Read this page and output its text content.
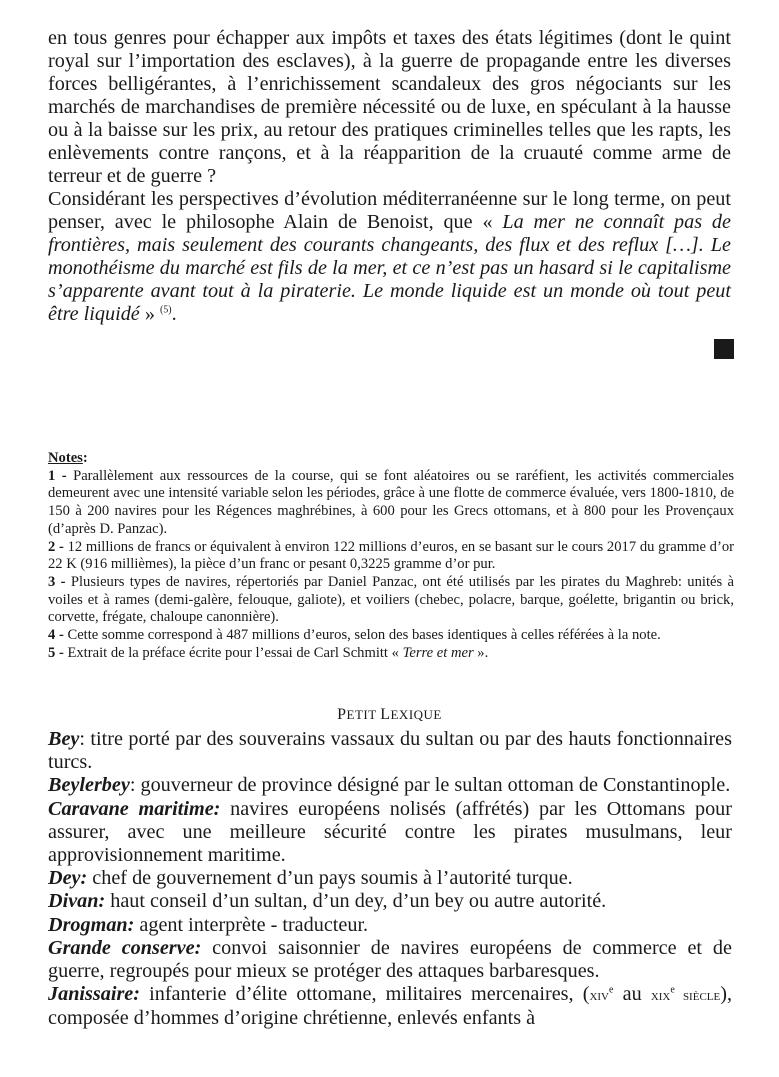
en tous genres pour échapper aux impôts et taxes des états légitimes (dont le quint royal sur l’importation des esclaves), à la guerre de propagande entre les diverses forces belligérantes, à l’enrichissement scandaleux des gros négociants sur les marchés de marchandises de première nécessité ou de luxe, en spéculant à la hausse ou à la baisse sur les prix, au retour des pratiques criminelles telles que les rapts, les enlèvements contre rançons, et à la réapparition de la cruauté comme arme de terreur et de guerre ?

Considérant les perspectives d’évolution méditerranéenne sur le long terme, on peut penser, avec le philosophe Alain de Benoist, que « La mer ne connaît pas de frontières, mais seulement des courants changeants, des flux et des reflux […]. Le monothéisme du marché est fils de la mer, et ce n’est pas un hasard si le capitalisme s’apparente avant tout à la piraterie. Le monde liquide est un monde où tout peut être liquidé » $^{(5)}$.

Notes:

1 - Parallèlement aux ressources de la course, qui se font aléatoires ou se raréfient, les activités commerciales demeurent avec une intensité variable selon les périodes, grâce à une flotte de commerce évaluée, vers 1800-1810, de 150 à 200 navires pour les Régences maghrébines, à 600 pour les Grecs ottomans, et à 800 pour les Provençaux (d’après D. Panzac).

2 - 12 millions de francs or équivalent à environ 122 millions d’euros, en se basant sur le cours 2017 du gramme d’or 22 K (916 millièmes), la pièce d’un franc or pesant 0,3225 gramme d’or pur.

3 - Plusieurs types de navires, répertoriés par Daniel Panzac, ont été utilisés par les pirates du Maghreb: unités à voiles et à rames (demi-galère, felouque, galiote), et voiliers (chebec, polacre, barque, goélette, brigantin ou brick, corvette, frégate, chaloupe canonnière).

4 - Cette somme correspond à 487 millions d’euros, selon des bases identiques à celles référées à la note.

5 - Extrait de la préface écrite pour l’essai de Carl Schmitt « Terre et mer ».

PETIT LEXIQUE

Bey: titre porté par des souverains vassaux du sultan ou par des hauts fonctionnaires turcs.

Beylerbey: gouverneur de province désigné par le sultan ottoman de Constantinople.

Caravane maritime: navires européens nolisés (affrétés) par les Ottomans pour assurer, avec une meilleure sécurité contre les pirates musulmans, leur approvisionnement maritime.

Dey: chef de gouvernement d’un pays soumis à l’autorité turque.

Divan: haut conseil d’un sultan, d’un dey, d’un bey ou autre autorité.

Drogman: agent interprète - traducteur.

Grande conserve: convoi saisonnier de navires européens de commerce et de guerre, regroupés pour mieux se protéger des attaques barbaresques.

Janissaire: infanterie d’élite ottomane, militaires mercenaires, (xiv$^e$ au xix$^e$ siècle), composée d’hommes d’origine chrétienne, enlevés enfants à
